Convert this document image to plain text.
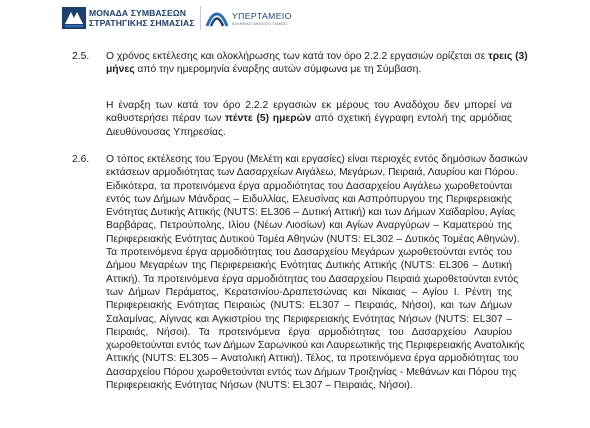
ΜΟΝΑΔΑ ΣΥΜΒΑΣΕΩΝ
ΣΤΡΑΤΗΓΙΚΗΣ ΣΗΜΑΣΙΑΣ
ΥΠΕΡΤΑΜΕΙΟ
ΕΛΛΗΝΙΚΟ ΔΗΜΟΣΙΟ ΤΑΜΕΙΟ
2.5. Ο χρόνος εκτέλεσης και ολοκλήρωσης των κατά τον όρο 2.2.2 εργασιών ορίζεται σε τρεις (3)
μήνες από την ημερομηνία έναρξης αυτών σύμφωνα με τη Σύμβαση.
Η έναρξη των κατά τον όρο 2.2.2 εργασιών εκ μέρους του Αναδόχου δεν μπορεί να
καθυστερήσει πέραν των πέντε (5) ημερών από σχετική έγγραφη εντολή της αρμόδιας
Διευθύνουσας Υπηρεσίας.
2.6. Ο τόπος εκτέλεσης του Έργου (Μελέτη και εργασίες) είναι περιοχές εντός δημόσιων δασικών
εκτάσεων αρμοδιότητας των Δασαρχείων Αιγάλεω, Μεγάρων, Πειραιά, Λαυρίου και Πόρου.
Ειδικότερα, τα προτεινόμενα έργα αρμοδιότητας του Δασαρχείου Αιγάλεω χωροθετούνται
εντός των Δήμων Μάνδρας – Ειδυλλίας, Ελευσίνας και Ασπρόπυργου της Περιφερειακής
Ενότητας Δυτικής Αττικής (NUTS: EL306 – Δυτική Αττική) και των Δήμων Χαϊδαρίου, Αγίας
Βαρβάρας, Πετρούπολης, Ιλίου (Νέων Λιοσίων) και Αγίων Αναργύρων – Καματερού της
Περιφερειακής Ενότητας Δυτικού Τομέα Αθηνών (NUTS: EL302 – Δυτικός Τομέας Αθηνών).
Τα προτεινόμενα έργα αρμοδιότητας του Δασαρχείου Μεγάρων χωροθετούνται εντός του
Δήμου Μεγαρέων της Περιφερειακής Ενότητας Δυτικής Αττικής (NUTS: EL306 – Δυτική
Αττική). Τα προτεινόμενα έργα αρμοδιότητας του Δασαρχείου Πειραιά χωροθετούνται εντός
των Δήμων Περάματος, Κερατσινίου-Δραπετσώνας και Νίκαιας – Αγίου Ι. Ρέντη της
Περιφερειακής Ενότητας Πειραιώς (NUTS: EL307 – Πειραιάς, Νήσοι), και των Δήμων
Σαλαμίνας, Αίγινας και Αγκιστρίου της Περιφερειακής Ενότητας Νήσων (NUTS: EL307 –
Πειραιάς, Νήσοι). Τα προτεινόμενα έργα αρμοδιότητας του Δασαρχείου Λαυρίου
χωροθετούνται εντός των Δήμων Σαρωνικού και Λαυρεωτικής της Περιφερειακής Ανατολικής
Αττικής (NUTS: EL305 – Ανατολική Αττική). Τέλος, τα προτεινόμενα έργα αρμοδιότητας του
Δασαρχείου Πόρου χωροθετούνται εντός των Δήμων Τροιζηνίας - Μεθάνων και Πόρου της
Περιφερειακής Ενότητας Νήσων (NUTS: EL307 – Πειραιάς, Νήσοι).
